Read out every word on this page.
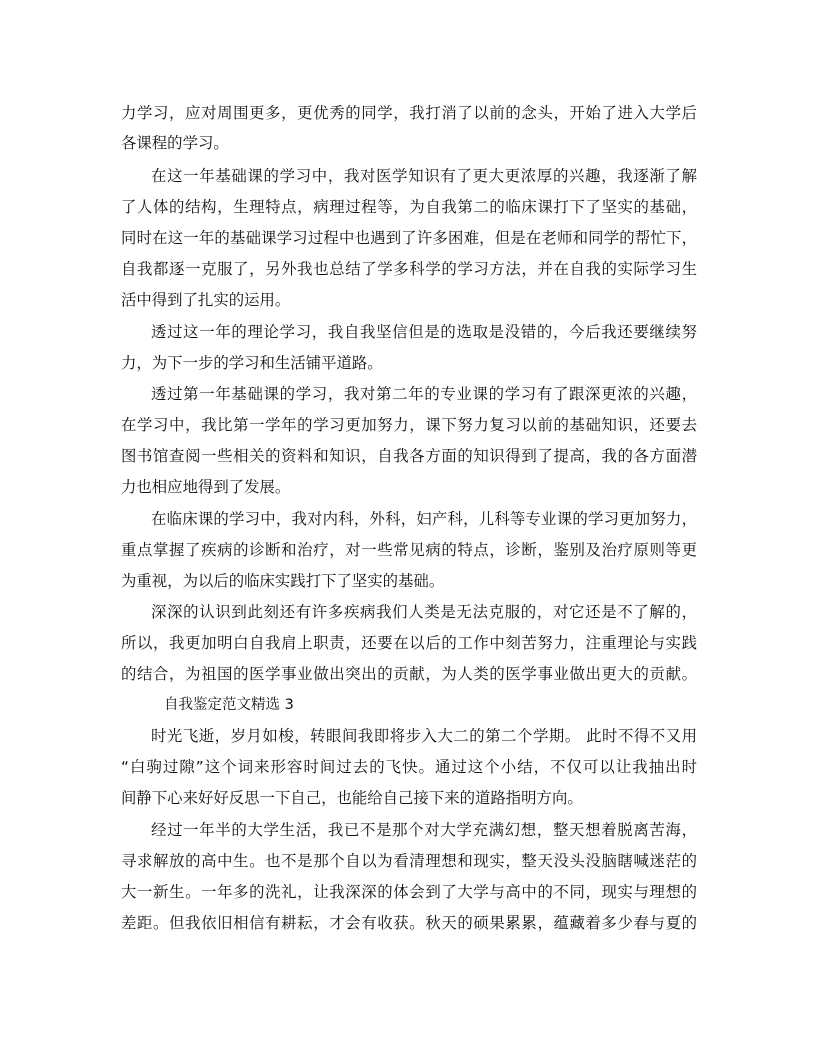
力学习，应对周围更多，更优秀的同学，我打消了以前的念头，开始了进入大学后

各课程的学习。

在这一年基础课的学习中，我对医学知识有了更大更浓厚的兴趣，我逐渐了解

了人体的结构，生理特点，病理过程等，为自我第二的临床课打下了坚实的基础，

同时在这一年的基础课学习过程中也遇到了许多困难，但是在老师和同学的帮忙下，

自我都逐一克服了，另外我也总结了学多科学的学习方法，并在自我的实际学习生

活中得到了扎实的运用。

透过这一年的理论学习，我自我坚信但是的选取是没错的，今后我还要继续努

力，为下一步的学习和生活铺平道路。

透过第一年基础课的学习，我对第二年的专业课的学习有了跟深更浓的兴趣，

在学习中，我比第一学年的学习更加努力，课下努力复习以前的基础知识，还要去

图书馆查阅一些相关的资料和知识，自我各方面的知识得到了提高，我的各方面潜

力也相应地得到了发展。

在临床课的学习中，我对内科，外科，妇产科，儿科等专业课的学习更加努力，

重点掌握了疾病的诊断和治疗，对一些常见病的特点，诊断，鉴别及治疗原则等更

为重视，为以后的临床实践打下了坚实的基础。

深深的认识到此刻还有许多疾病我们人类是无法克服的，对它还是不了解的，

所以，我更加明白自我肩上职责，还要在以后的工作中刻苦努力，注重理论与实践

的结合，为祖国的医学事业做出突出的贡献，为人类的医学事业做出更大的贡献。

自我鉴定范文精选 3

时光飞逝，岁月如梭，转眼间我即将步入大二的第二个学期。 此时不得不又用

“白驹过隙”这个词来形容时间过去的飞快。通过这个小结，不仅可以让我抽出时

间静下心来好好反思一下自己，也能给自己接下来的道路指明方向。

经过一年半的大学生活，我已不是那个对大学充满幻想，整天想着脱离苦海，

寻求解放的高中生。也不是那个自以为看清理想和现实，整天没头没脑瞎喊迷茫的

大一新生。一年多的洗礼，让我深深的体会到了大学与高中的不同，现实与理想的

差距。但我依旧相信有耕耘，才会有收获。秋天的硕果累累，蕴藏着多少春与夏的
